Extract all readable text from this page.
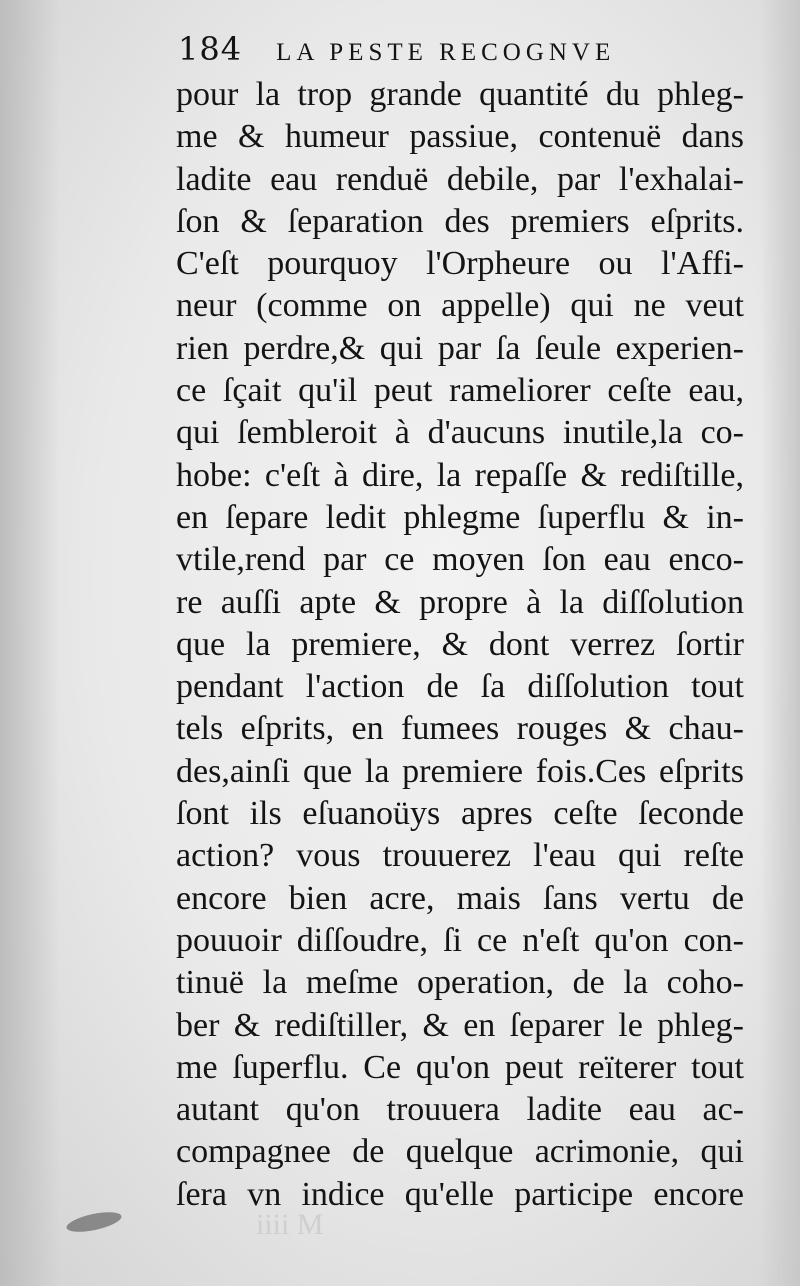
184 LA PESTE RECOGNVE
pour la trop grande quantité du phleg-
me & humeur passiue, contenuë dans
ladite eau renduë debile, par l'exhalai-
ſon & ſeparation des premiers eſprits.
C'eſt pourquoy l'Orpheure ou l'Affi-
neur (comme on appelle) qui ne veut
rien perdre,& qui par ſa ſeule experien-
ce ſçait qu'il peut rameliorer ceſte eau,
qui ſembleroit à d'aucuns inutile,la co-
hobe: c'eſt à dire, la repaſſe & rediſtille,
en ſepare ledit phlegme ſuperflu & in-
vtile,rend par ce moyen ſon eau enco-
re auſſi apte & propre à la diſſolution
que la premiere, & dont verrez ſortir
pendant l'action de ſa diſſolution tout
tels eſprits, en fumees rouges & chau-
des,ainſi que la premiere fois.Ces eſprits
ſont ils eſuanoüys apres ceſte ſeconde
action? vous trouuerez l'eau qui reſte
encore bien acre, mais ſans vertu de
pouuoir diſſoudre, ſi ce n'eſt qu'on con-
tinuë la meſme operation, de la coho-
ber & rediſtiller, & en ſeparer le phleg-
me ſuperflu. Ce qu'on peut reïterer tout
autant qu'on trouuera ladite eau ac-
compagnee de quelque acrimonie, qui
ſera vn indice qu'elle participe encore
iiii M
